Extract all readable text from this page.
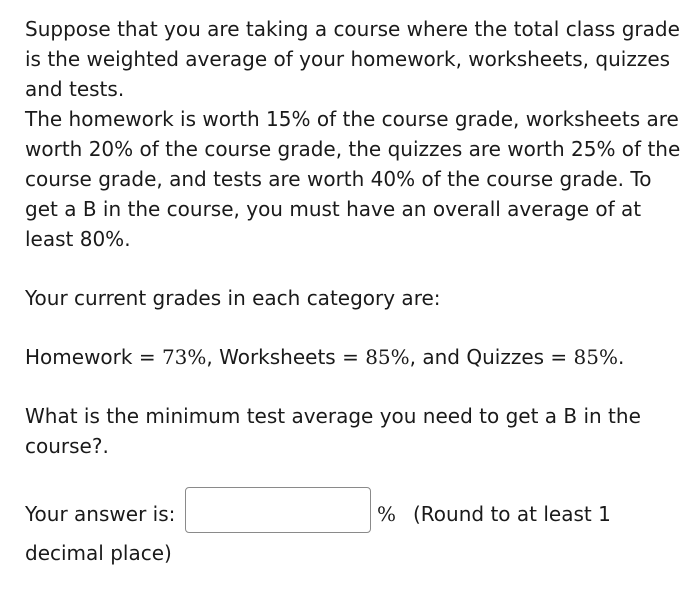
Suppose that you are taking a course where the total class grade is the weighted average of your homework, worksheets, quizzes and tests.

The homework is worth 15% of the course grade, worksheets are worth 20% of the course grade, the quizzes are worth 25% of the course grade, and tests are worth 40% of the course grade. To get a B in the course, you must have an overall average of at least 80%.

Your current grades in each category are:

Homework = 73%, Worksheets = 85%, and Quizzes = 85%.

What is the minimum test average you need to get a B in the course?.

Your answer is:	% (Round to at least 1
decimal place)
